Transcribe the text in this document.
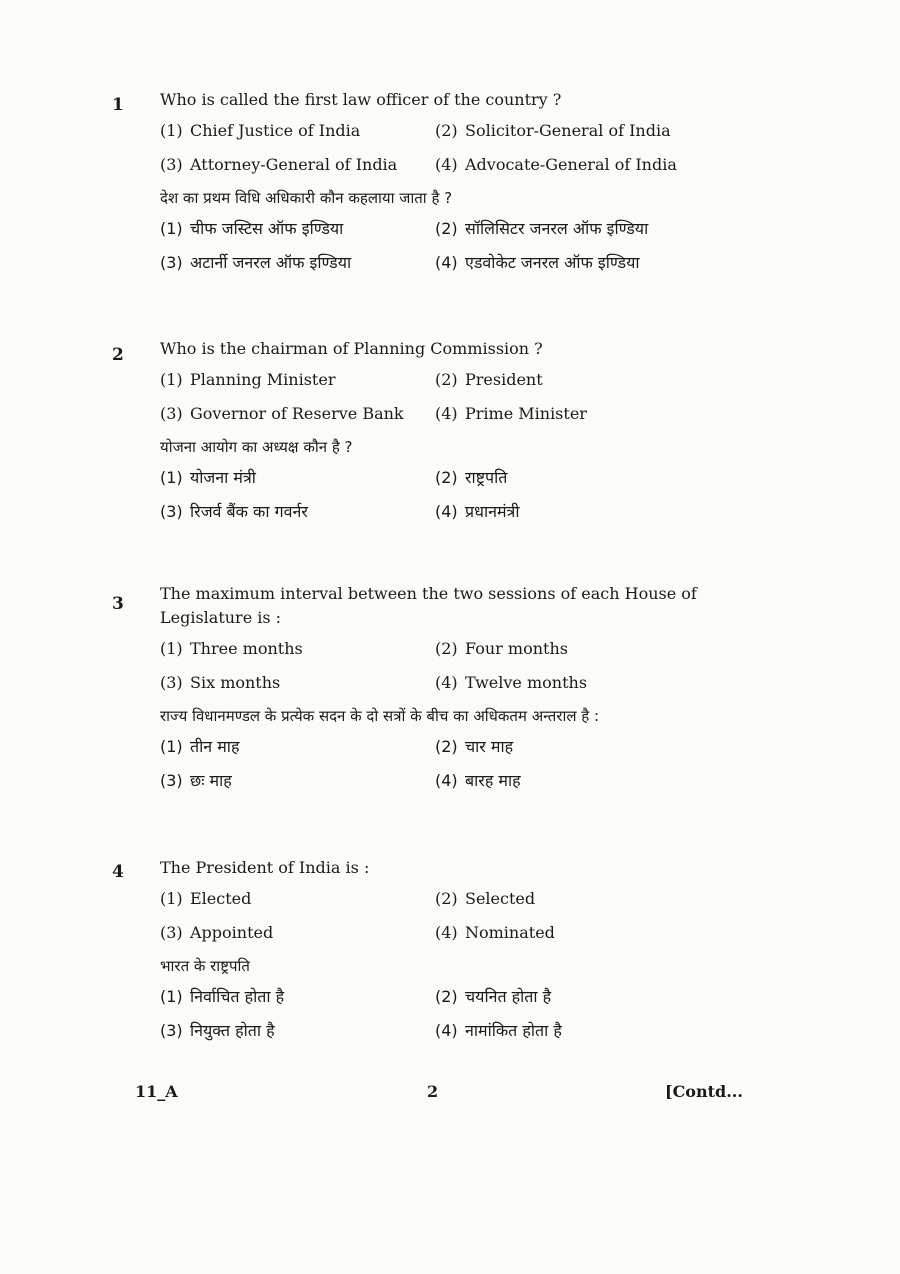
1 Who is called the first law officer of the country ?

(1) Chief Justice of India	(2) Solicitor-General of India
(3) Attorney-General of India	(4) Advocate-General of India

देश का प्रथम विधि अधिकारी कौन कहलाया जाता है ?

(1) चीफ जस्टिस ऑफ इण्डिया	(2) सॉलिसिटर जनरल ऑफ इण्डिया
(3) अटार्नी जनरल ऑफ इण्डिया	(4) एडवोकेट जनरल ऑफ इण्डिया
2 Who is the chairman of Planning Commission ?

(1) Planning Minister	(2) President
(3) Governor of Reserve Bank	(4) Prime Minister

योजना आयोग का अध्यक्ष कौन है ?

(1) योजना मंत्री	(2) राष्ट्रपति
(3) रिजर्व बैंक का गवर्नर	(4) प्रधानमंत्री
3

The maximum interval between the two sessions of each House of Legislature is :

(1) Three months	(2) Four months
(3) Six months	(4) Twelve months

राज्य विधानमण्डल के प्रत्येक सदन के दो सत्रों के बीच का अधिकतम अन्तराल है :

(1) तीन माह	(2) चार माह
(3) छः माह	(4) बारह माह
4 The President of India is :

(1) Elected	(2) Selected
(3) Appointed	(4) Nominated

भारत के राष्ट्रपति

(1) निर्वाचित होता है	(2) चयनित होता है
(3) नियुक्त होता है	(4) नामांकित होता है
11_A	2	[Contd...
